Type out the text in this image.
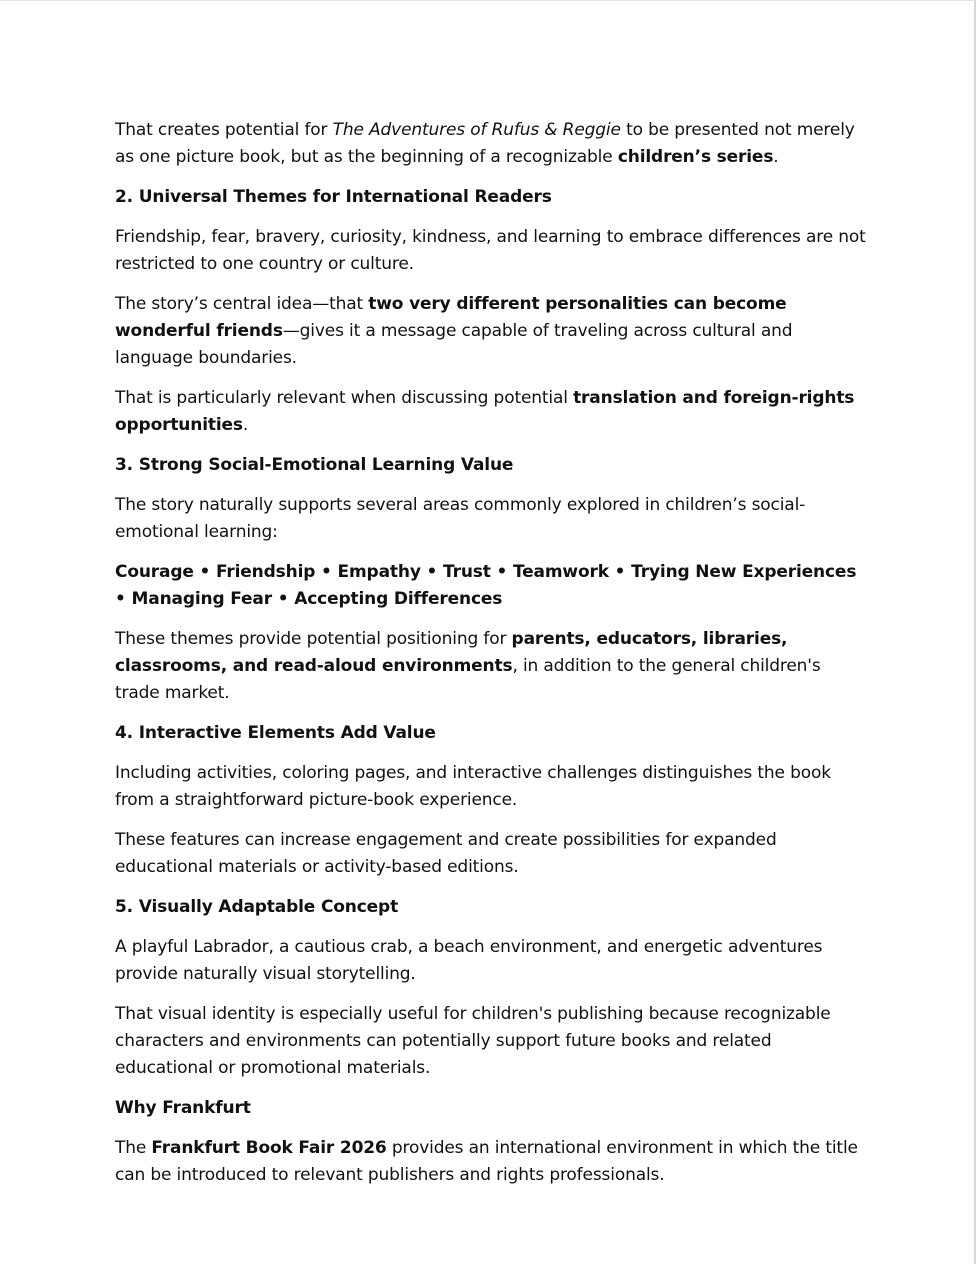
That creates potential for The Adventures of Rufus & Reggie to be presented not merely as one picture book, but as the beginning of a recognizable children’s series.

2. Universal Themes for International Readers

Friendship, fear, bravery, curiosity, kindness, and learning to embrace differences are not restricted to one country or culture.

The story’s central idea—that two very different personalities can become wonderful friends—gives it a message capable of traveling across cultural and language boundaries.

That is particularly relevant when discussing potential translation and foreign-rights opportunities.

3. Strong Social-Emotional Learning Value

The story naturally supports several areas commonly explored in children’s social-emotional learning:

Courage • Friendship • Empathy • Trust • Teamwork • Trying New Experiences • Managing Fear • Accepting Differences

These themes provide potential positioning for parents, educators, libraries, classrooms, and read-aloud environments, in addition to the general children's trade market.

4. Interactive Elements Add Value

Including activities, coloring pages, and interactive challenges distinguishes the book from a straightforward picture-book experience.

These features can increase engagement and create possibilities for expanded educational materials or activity-based editions.

5. Visually Adaptable Concept

A playful Labrador, a cautious crab, a beach environment, and energetic adventures provide naturally visual storytelling.

That visual identity is especially useful for children's publishing because recognizable characters and environments can potentially support future books and related educational or promotional materials.

Why Frankfurt

The Frankfurt Book Fair 2026 provides an international environment in which the title can be introduced to relevant publishers and rights professionals.
